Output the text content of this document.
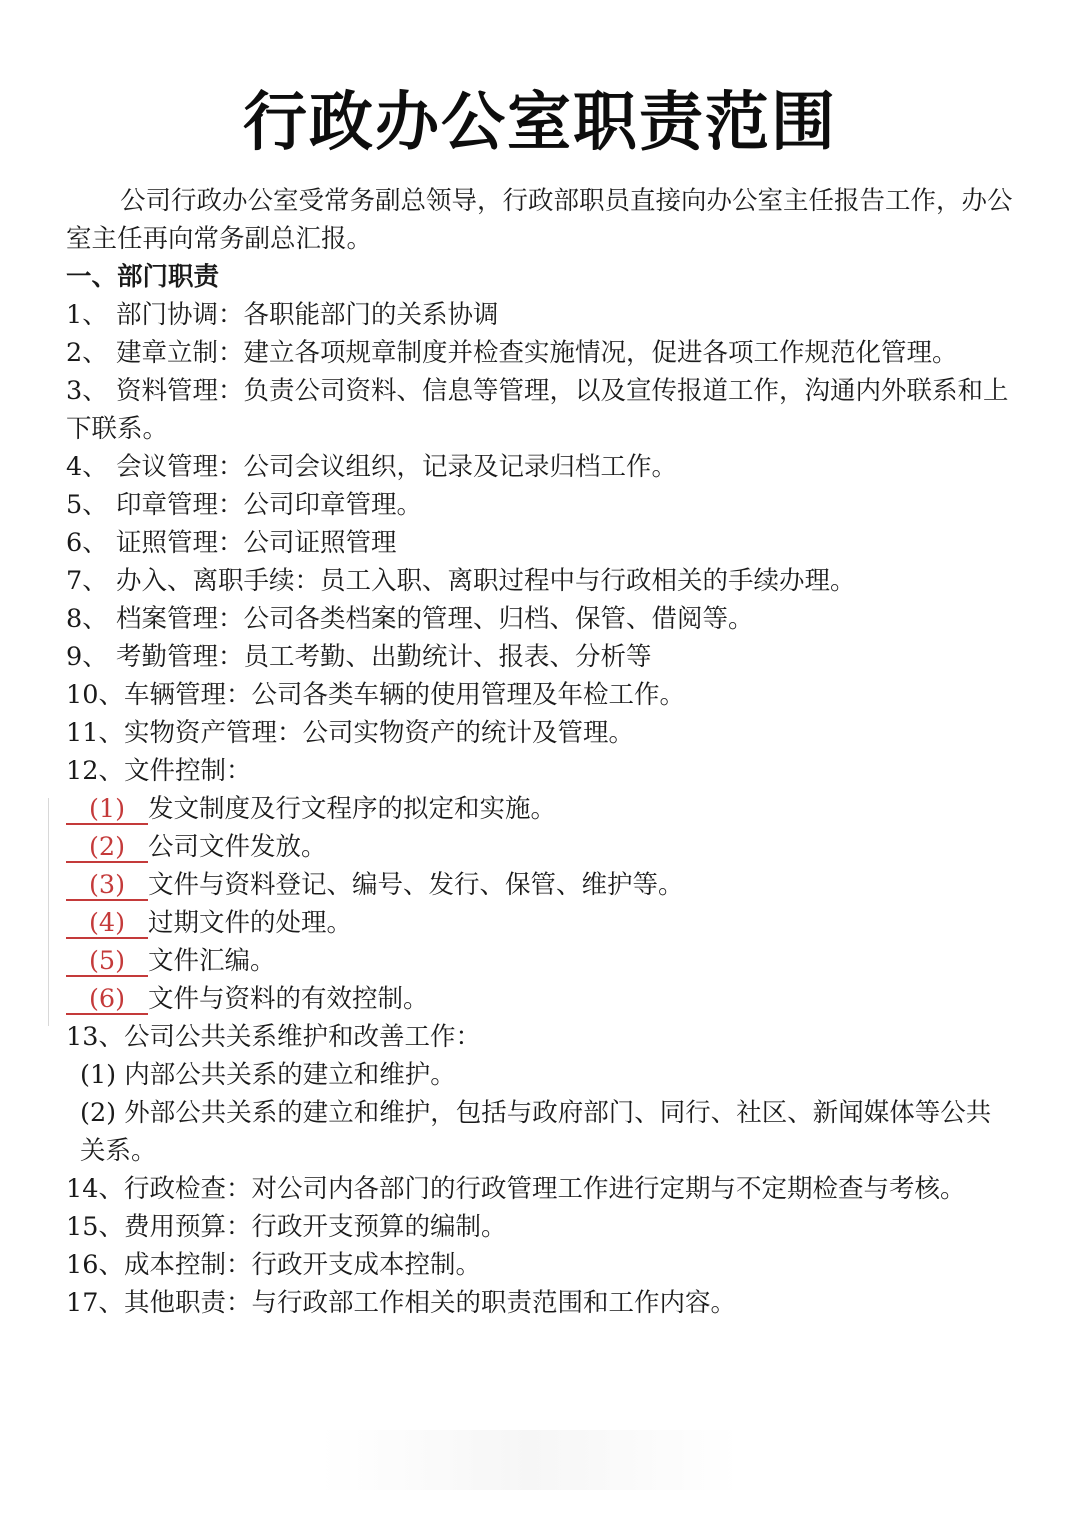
行政办公室职责范围

公司行政办公室受常务副总领导，行政部职员直接向办公室主任报告工作，办公室主任再向常务副总汇报。

一、部门职责

1、 部门协调：各职能部门的关系协调

2、 建章立制：建立各项规章制度并检查实施情况，促进各项工作规范化管理。

3、 资料管理：负责公司资料、信息等管理，以及宣传报道工作，沟通内外联系和上下联系。

4、 会议管理：公司会议组织，记录及记录归档工作。

5、 印章管理：公司印章管理。

6、 证照管理：公司证照管理

7、 办入、离职手续：员工入职、离职过程中与行政相关的手续办理。

8、 档案管理：公司各类档案的管理、归档、保管、借阅等。

9、 考勤管理：员工考勤、出勤统计、报表、分析等

10、车辆管理：公司各类车辆的使用管理及年检工作。

11、实物资产管理：公司实物资产的统计及管理。

12、文件控制：

(1) 发文制度及行文程序的拟定和实施。

(2) 公司文件发放。

(3) 文件与资料登记、编号、发行、保管、维护等。

(4) 过期文件的处理。

(5) 文件汇编。

(6) 文件与资料的有效控制。

13、公司公共关系维护和改善工作：

(1) 内部公共关系的建立和维护。

(2) 外部公共关系的建立和维护，包括与政府部门、同行、社区、新闻媒体等公共关系。

14、行政检查：对公司内各部门的行政管理工作进行定期与不定期检查与考核。

15、费用预算：行政开支预算的编制。

16、成本控制：行政开支成本控制。

17、其他职责：与行政部工作相关的职责范围和工作内容。
